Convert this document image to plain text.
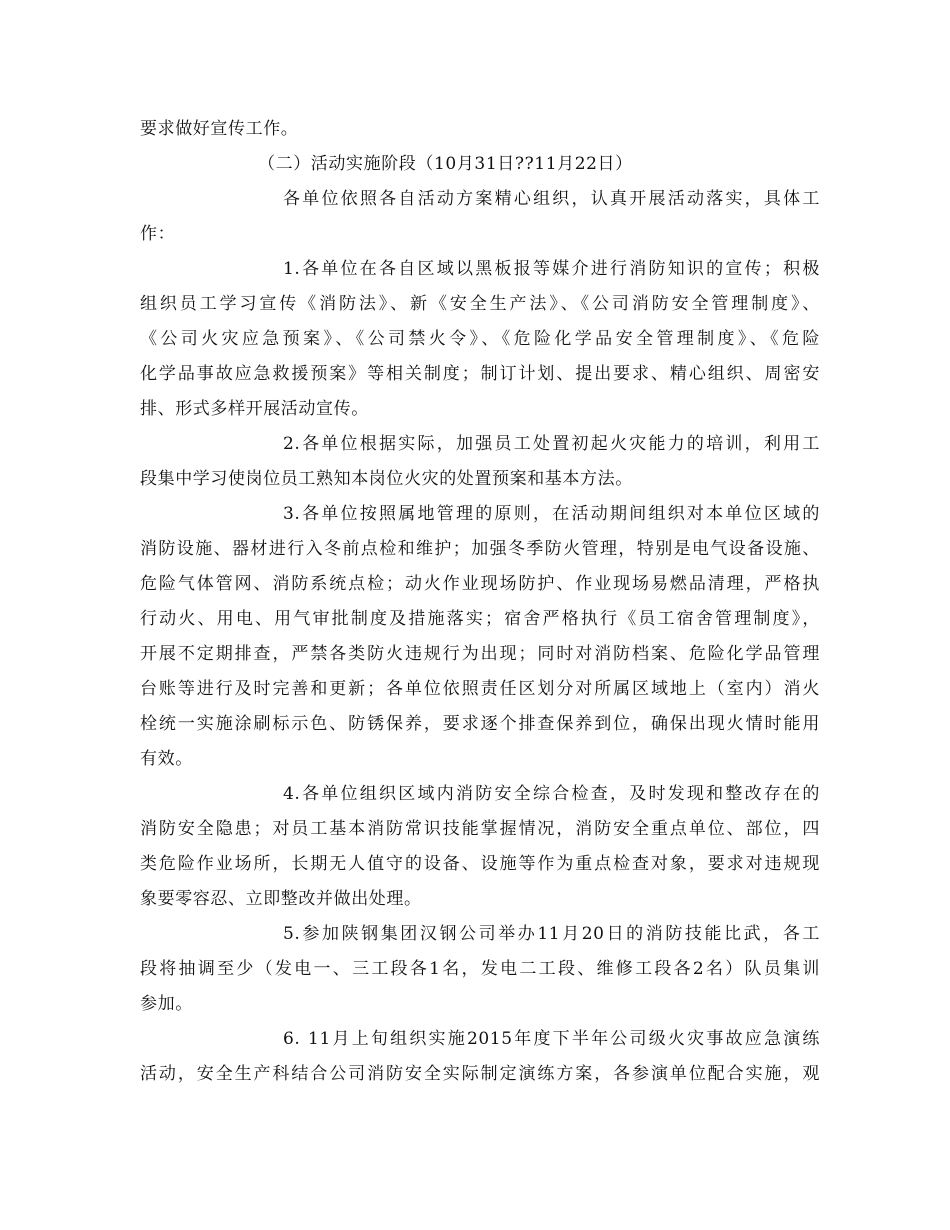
要求做好宣传工作。
（二）活动实施阶段（10月31日??11月22日）
各单位依照各自活动方案精心组织，认真开展活动落实，具体工
作：
1.各单位在各自区域以黑板报等媒介进行消防知识的宣传；积极
组织员工学习宣传《消防法》、新《安全生产法》、《公司消防安全管理制度》、
《公司火灾应急预案》、《公司禁火令》、《危险化学品安全管理制度》、《危险
化学品事故应急救援预案》等相关制度；制订计划、提出要求、精心组织、周密安
排、形式多样开展活动宣传。
2.各单位根据实际，加强员工处置初起火灾能力的培训，利用工
段集中学习使岗位员工熟知本岗位火灾的处置预案和基本方法。
3.各单位按照属地管理的原则，在活动期间组织对本单位区域的
消防设施、器材进行入冬前点检和维护；加强冬季防火管理，特别是电气设备设施、
危险气体管网、消防系统点检；动火作业现场防护、作业现场易燃品清理，严格执
行动火、用电、用气审批制度及措施落实；宿舍严格执行《员工宿舍管理制度》，
开展不定期排查，严禁各类防火违规行为出现；同时对消防档案、危险化学品管理
台账等进行及时完善和更新；各单位依照责任区划分对所属区域地上（室内）消火
栓统一实施涂刷标示色、防锈保养，要求逐个排查保养到位，确保出现火情时能用
有效。
4.各单位组织区域内消防安全综合检查，及时发现和整改存在的
消防安全隐患；对员工基本消防常识技能掌握情况，消防安全重点单位、部位，四
类危险作业场所，长期无人值守的设备、设施等作为重点检查对象，要求对违规现
象要零容忍、立即整改并做出处理。
5.参加陕钢集团汉钢公司举办11月20日的消防技能比武，各工
段将抽调至少（发电一、三工段各1名，发电二工段、维修工段各2名）队员集训
参加。
6. 11月上旬组织实施2015年度下半年公司级火灾事故应急演练
活动，安全生产科结合公司消防安全实际制定演练方案，各参演单位配合实施，观
